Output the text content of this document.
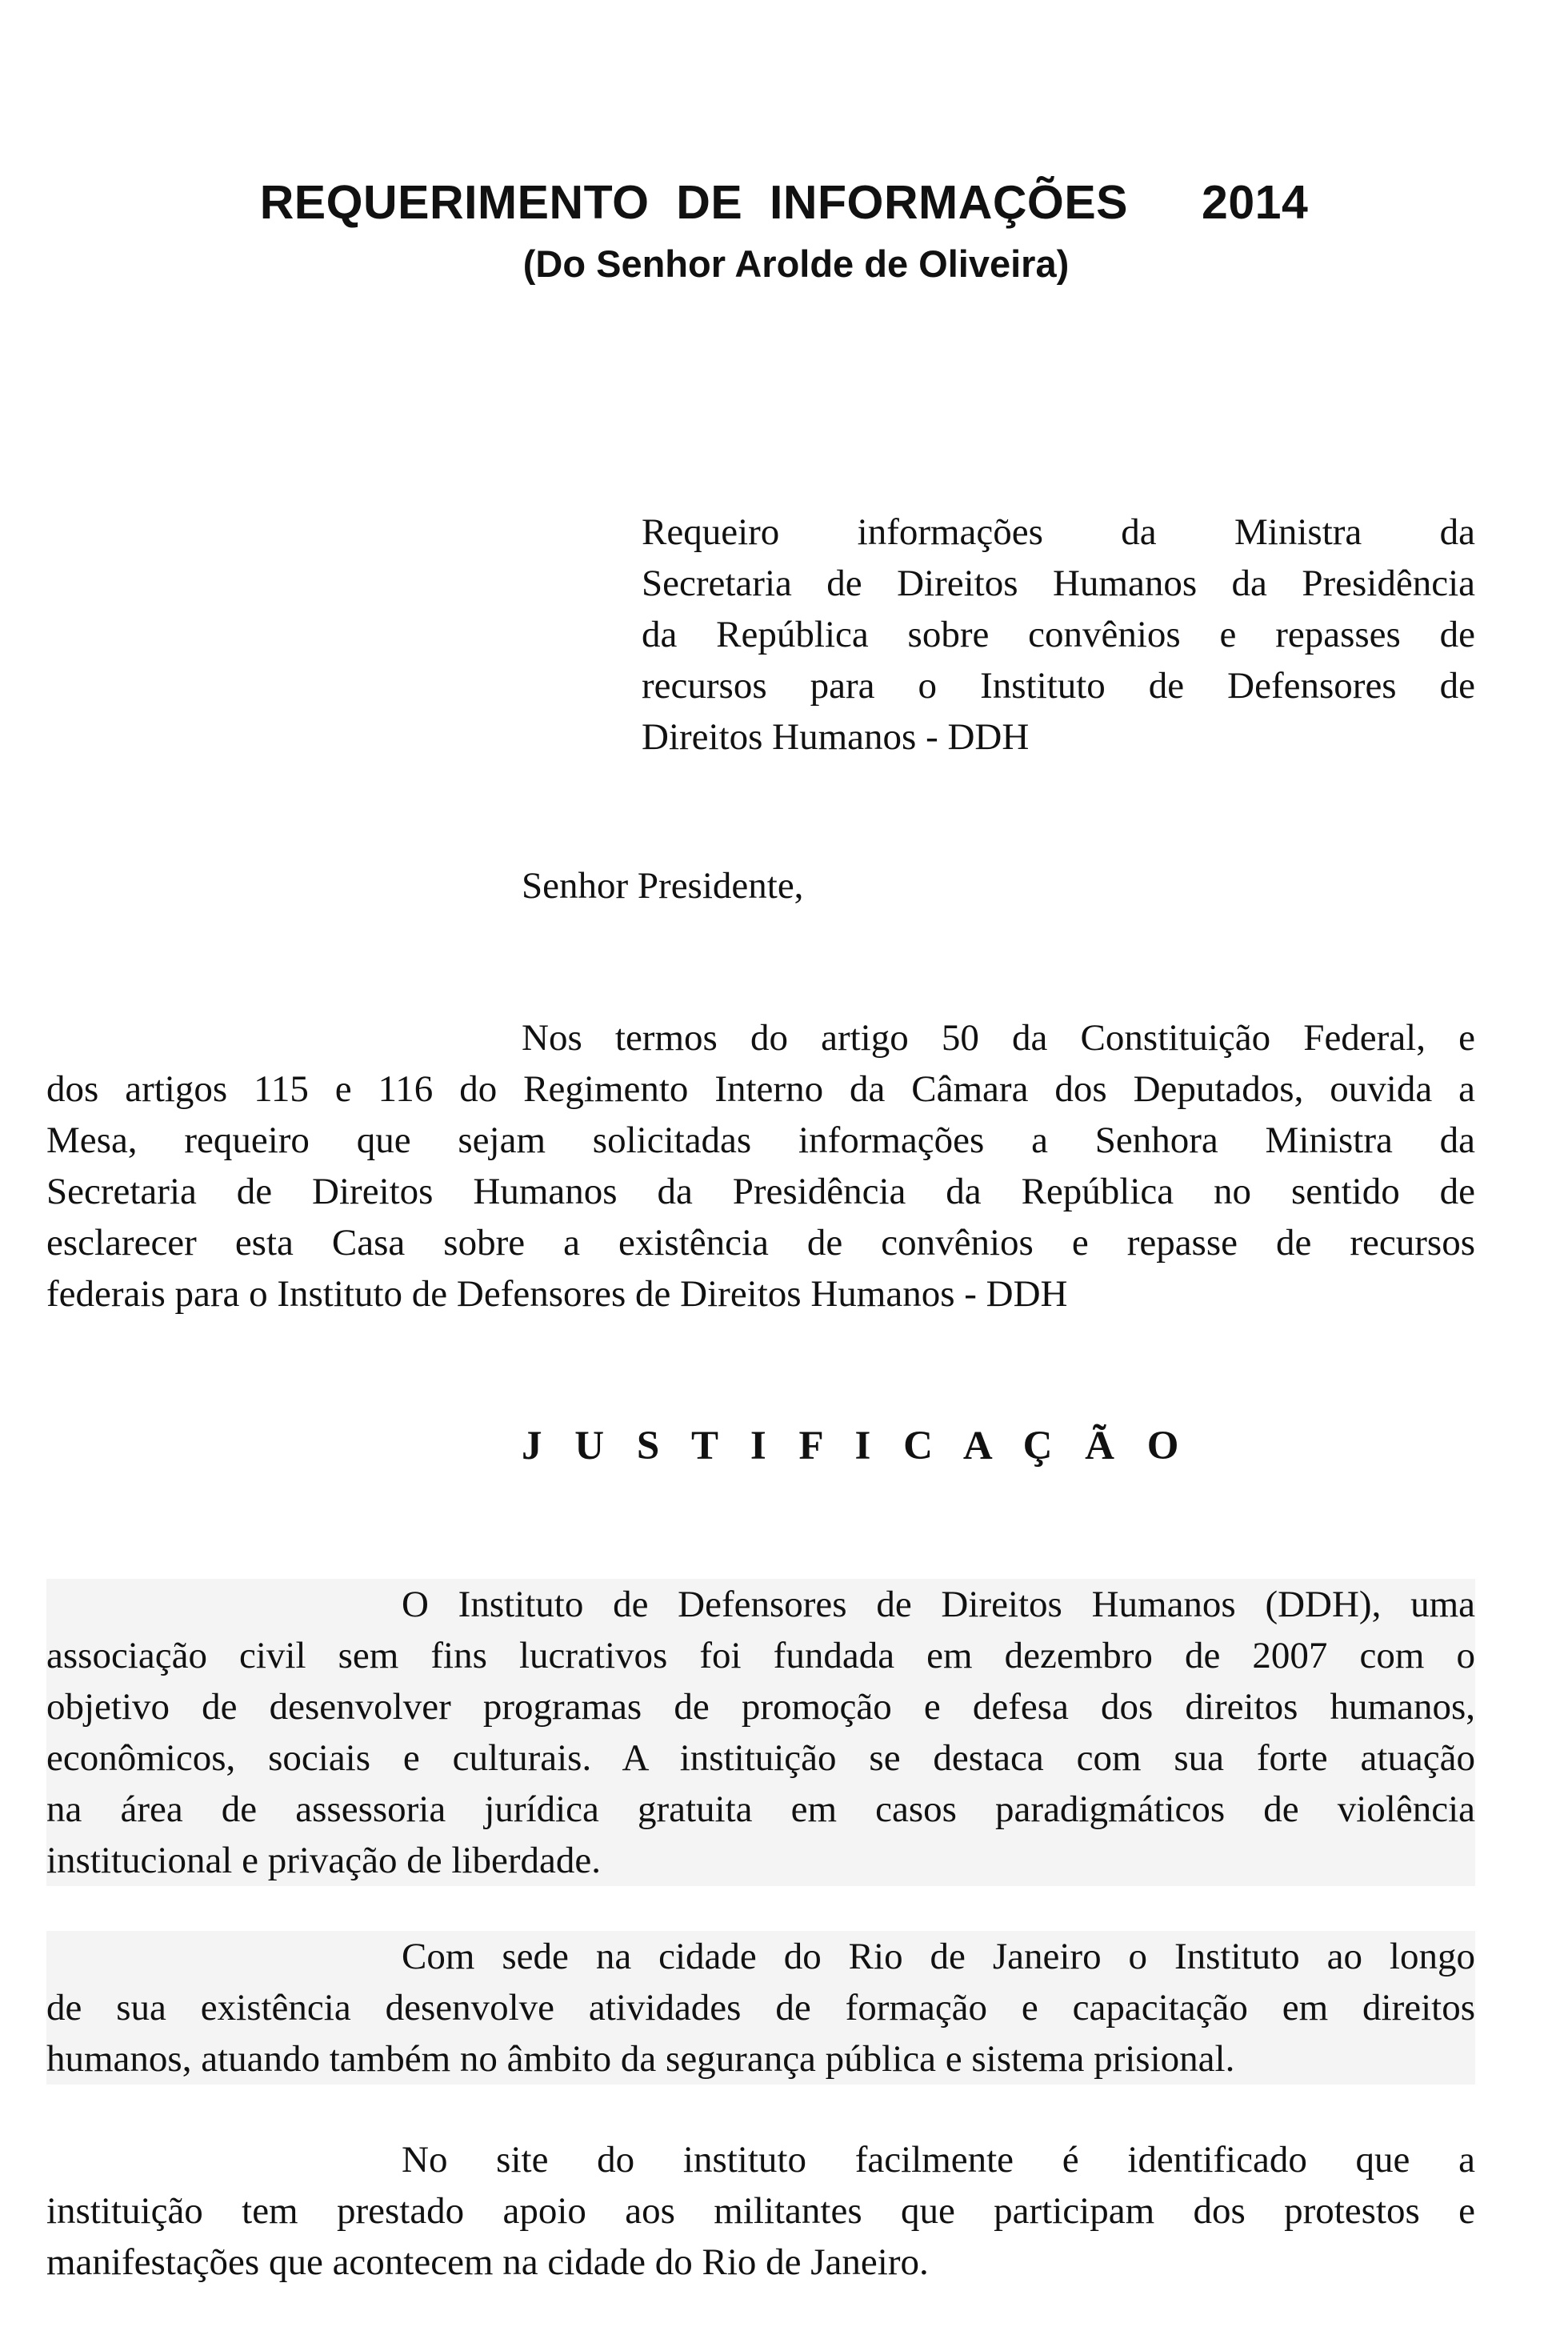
REQUERIMENTO  DE  INFORMAÇÕES 2014
(Do Senhor Arolde de Oliveira)
Requeiro informações da Ministra da
Secretaria de Direitos Humanos da Presidência
da República sobre convênios e repasses de
recursos para o Instituto de Defensores de
Direitos Humanos - DDH
Senhor Presidente,
Nos termos do artigo 50 da Constituição Federal, e
dos artigos 115 e 116 do Regimento Interno da Câmara dos Deputados, ouvida a
Mesa, requeiro que sejam solicitadas informações a Senhora Ministra da
Secretaria de Direitos Humanos da Presidência da República no sentido de
esclarecer esta Casa sobre a existência de convênios e repasse de recursos
federais para o Instituto de Defensores de Direitos Humanos - DDH
J U S T I F I C A Ç Ã O
O Instituto de Defensores de Direitos Humanos (DDH), uma
associação civil sem fins lucrativos foi fundada em dezembro de 2007 com o
objetivo de desenvolver programas de promoção e defesa dos direitos humanos,
econômicos, sociais e culturais. A instituição se destaca com sua forte atuação
na área de assessoria jurídica gratuita em casos paradigmáticos de violência
institucional e privação de liberdade.
Com sede na cidade do Rio de Janeiro o Instituto ao longo
de sua existência desenvolve atividades de formação e capacitação em direitos
humanos, atuando também no âmbito da segurança pública e sistema prisional.
No site do instituto facilmente é identificado que a
instituição tem prestado apoio aos militantes que participam dos protestos e
manifestações que acontecem na cidade do Rio de Janeiro.
